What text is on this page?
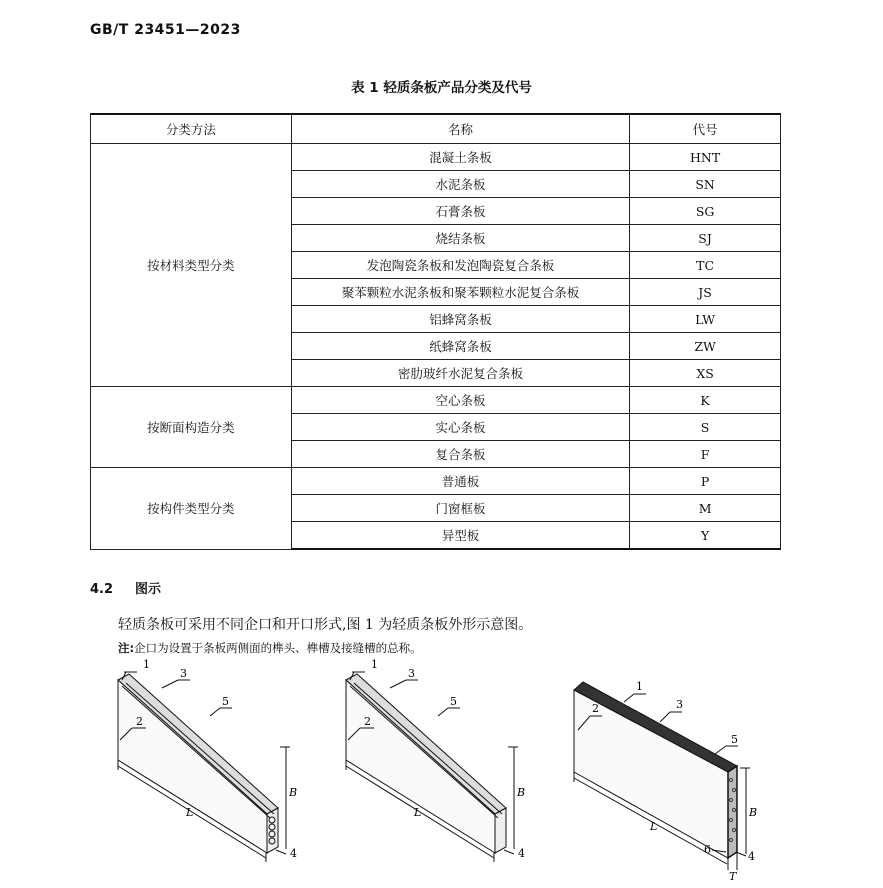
GB/T 23451—2023
表 1 轻质条板产品分类及代号
分类方法	名称	代号
按材料类型分类	混凝土条板	HNT
	水泥条板	SN
	石膏条板	SG
	烧结条板	SJ
	发泡陶瓷条板和发泡陶瓷复合条板	TC
	聚苯颗粒水泥条板和聚苯颗粒水泥复合条板	JS
	铝蜂窝条板	LW
	纸蜂窝条板	ZW
	密肋玻纤水泥复合条板	XS
按断面构造分类	空心条板	K
	实心条板	S
	复合条板	F
按构件类型分类	普通板	P
	门窗框板	M
	异型板	Y
4.2 图示
轻质条板可采用不同企口和开口形式,图 1 为轻质条板外形示意图。
注:企口为设置于条板两侧面的榫头、榫槽及接缝槽的总称。
1
3
5
2
4
L
B
1
3
5
2
4
L
B
1
3
5
2
6
4
L
B
T
